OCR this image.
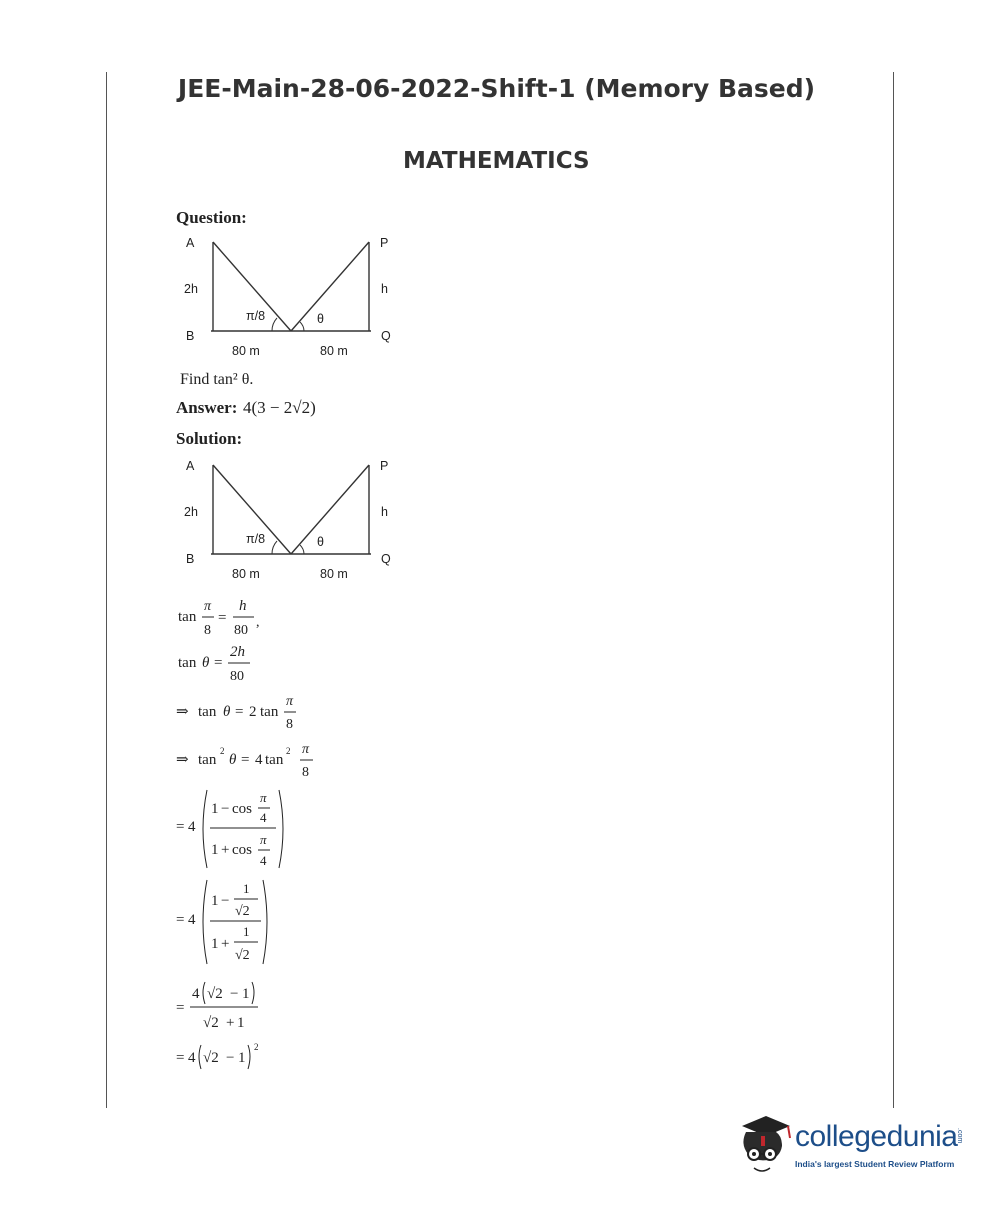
JEE-Main-28-06-2022-Shift-1 (Memory Based)
MATHEMATICS
Question:
A	P
2h	h
B	Q
π/8	θ
80 m	80 m
Find tan² θ.
Answer: 4(3 − 2√2)
Solution:
A	P
2h	h
B	Q
π/8	θ
80 m	80 m
tan
π
8
=
h
80
,
tan θ =
2h
80
⇒ tan θ = 2 tan
π
8
⇒ tan
2
θ = 4 tan
2 π
8
= 4
1 − cos
π
4
1 + cos
π
4
= 4
1 −
1
√2
1 +
1
√2
=
4 √2 − 1
√2 + 1
= 4 √2 − 1
2
collegedunia
.com
India's largest Student Review Platform
